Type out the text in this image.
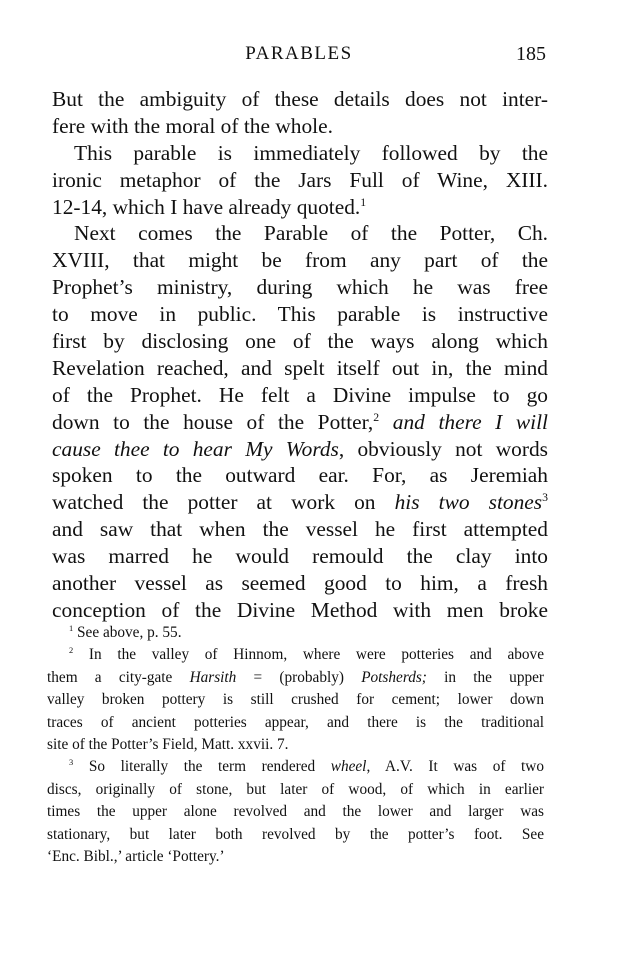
PARABLES	185
But the ambiguity of these details does not inter-
fere with the moral of the whole.
This parable is immediately followed by the
ironic metaphor of the Jars Full of Wine, XIII.
12-14, which I have already quoted.$^1$
Next comes the Parable of the Potter, Ch.
XVIII, that might be from any part of the
Prophet’s ministry, during which he was free
to move in public. This parable is instructive
first by disclosing one of the ways along which
Revelation reached, and spelt itself out in, the mind
of the Prophet. He felt a Divine impulse to go
down to the house of the Potter,$^2$ and there I will
cause thee to hear My Words, obviously not words
spoken to the outward ear. For, as Jeremiah
watched the potter at work on his two stones$^3$
and saw that when the vessel he first attempted
was marred he would remould the clay into
another vessel as seemed good to him, a fresh
conception of the Divine Method with men broke
$^1$ See above, p. 55.
$^2$ In the valley of Hinnom, where were potteries and above
them a city-gate Harsith = (probably) Potsherds; in the upper
valley broken pottery is still crushed for cement; lower down
traces of ancient potteries appear, and there is the traditional
site of the Potter’s Field, Matt. xxvii. 7.
$^3$ So literally the term rendered wheel, A.V. It was of two
discs, originally of stone, but later of wood, of which in earlier
times the upper alone revolved and the lower and larger was
stationary, but later both revolved by the potter’s foot. See
‘Enc. Bibl.,’ article ‘Pottery.’
